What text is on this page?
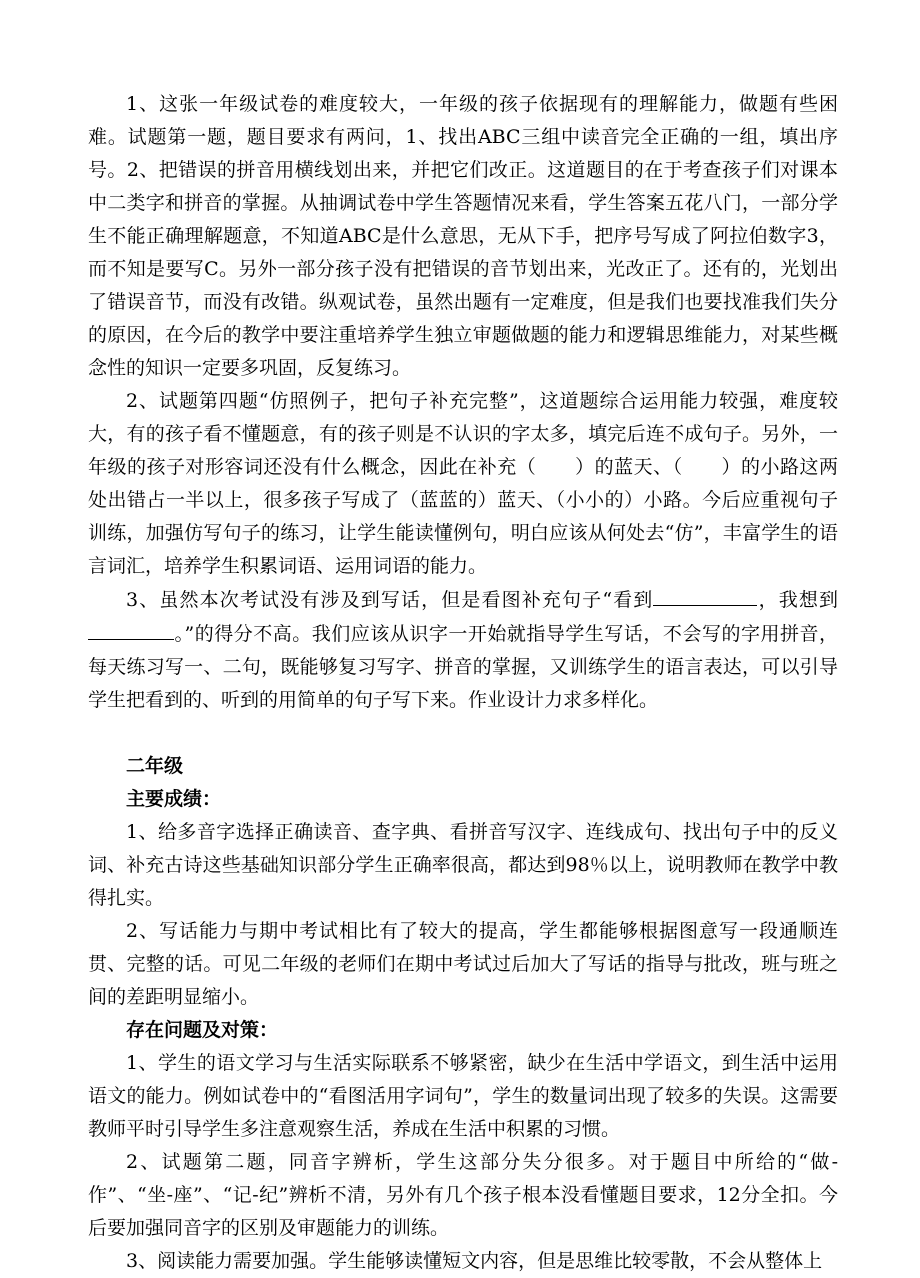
1、这张一年级试卷的难度较大，一年级的孩子依据现有的理解能力，做题有些困难。试题第一题，题目要求有两问，1、找出ABC三组中读音完全正确的一组，填出序号。2、把错误的拼音用横线划出来，并把它们改正。这道题目的在于考查孩子们对课本中二类字和拼音的掌握。从抽调试卷中学生答题情况来看，学生答案五花八门，一部分学生不能正确理解题意，不知道ABC是什么意思，无从下手，把序号写成了阿拉伯数字3，而不知是要写C。另外一部分孩子没有把错误的音节划出来，光改正了。还有的，光划出了错误音节，而没有改错。纵观试卷，虽然出题有一定难度，但是我们也要找准我们失分的原因，在今后的教学中要注重培养学生独立审题做题的能力和逻辑思维能力，对某些概念性的知识一定要多巩固，反复练习。

2、试题第四题“仿照例子，把句子补充完整”，这道题综合运用能力较强，难度较大，有的孩子看不懂题意，有的孩子则是不认识的字太多，填完后连不成句子。另外，一年级的孩子对形容词还没有什么概念，因此在补充（　　）的蓝天、（　　）的小路这两处出错占一半以上，很多孩子写成了（蓝蓝的）蓝天、（小小的）小路。今后应重视句子训练，加强仿写句子的练习，让学生能读懂例句，明白应该从何处去“仿”，丰富学生的语言词汇，培养学生积累词语、运用词语的能力。

3、虽然本次考试没有涉及到写话，但是看图补充句子“看到	，我想到。”的得分不高。我们应该从识字一开始就指导学生写话，不会写的字用拼音，每天练习写一、二句，既能够复习写字、拼音的掌握，又训练学生的语言表达，可以引导学生把看到的、听到的用简单的句子写下来。作业设计力求多样化。

二年级

主要成绩：

1、给多音字选择正确读音、查字典、看拼音写汉字、连线成句、找出句子中的反义词、补充古诗这些基础知识部分学生正确率很高，都达到98％以上，说明教师在教学中教得扎实。

2、写话能力与期中考试相比有了较大的提高，学生都能够根据图意写一段通顺连贯、完整的话。可见二年级的老师们在期中考试过后加大了写话的指导与批改，班与班之间的差距明显缩小。

存在问题及对策：

1、学生的语文学习与生活实际联系不够紧密，缺少在生活中学语文，到生活中运用语文的能力。例如试卷中的“看图活用字词句”，学生的数量词出现了较多的失误。这需要教师平时引导学生多注意观察生活，养成在生活中积累的习惯。

2、试题第二题，同音字辨析，学生这部分失分很多。对于题目中所给的“做-作”、“坐-座”、“记-纪”辨析不清，另外有几个孩子根本没看懂题目要求，12分全扣。今后要加强同音字的区别及审题能力的训练。

3、阅读能力需要加强。学生能够读懂短文内容，但是思维比较零散，不会从整体上
